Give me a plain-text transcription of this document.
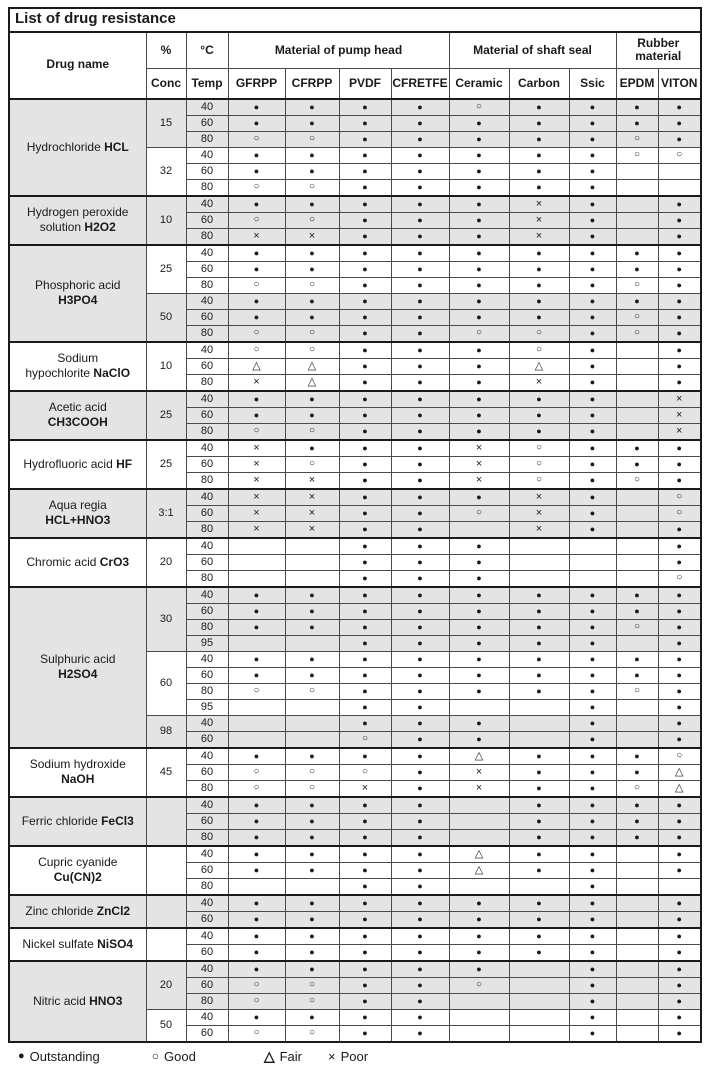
List of drug resistance											
Drug name	%	°C	Material of pump head				Material of shaft seal			Rubber material	
	Conc	Temp	GFRPP	CFRPP	PVDF	CFRETFE	Ceramic	Carbon	Ssic	EPDM	VITON
Hydrochloride HCL	15	40	●	●	●	●	○	●	●	●	●
		60	●	●	●	●	●	●	●	●	●
		80	○	○	●	●	●	●	●	○	●
	32	40	●	●	●	●	●	●	●	○	○
		60	●	●	●	●	●	●	●		
		80	○	○	●	●	●	●	●		
Hydrogen peroxide
solution H2O2	10	40	●	●	●	●	●	×	●		●
		60	○	○	●	●	●	×	●		●
		80	×	×	●	●	●	×	●		●
Phosphoric acid
H3PO4	25	40	●	●	●	●	●	●	●	●	●
		60	●	●	●	●	●	●	●	●	●
		80	○	○	●	●	●	●	●	○	●
	50	40	●	●	●	●	●	●	●	●	●
		60	●	●	●	●	●	●	●	○	●
		80	○	○	●	●	○	○	●	○	●
Sodium
hypochlorite NaClO	10	40	○	○	●	●	●	○	●		●
		60	△	△	●	●	●	△	●		●
		80	×	△	●	●	●	×	●		●
Acetic acid
CH3COOH	25	40	●	●	●	●	●	●	●		×
		60	●	●	●	●	●	●	●		×
		80	○	○	●	●	●	●	●		×
Hydrofluoric acid HF	25	40	×	●	●	●	×	○	●	●	●
		60	×	○	●	●	×	○	●	●	●
		80	×	×	●	●	×	○	●	○	●
Aqua regia
HCL+HNO3	3:1	40	×	×	●	●	●	×	●		○
		60	×	×	●	●	○	×	●		○
		80	×	×	●	●		×	●		●
Chromic acid CrO3	20	40			●	●	●				●
		60			●	●	●				●
		80			●	●	●				○
Sulphuric acid
H2SO4	30	40	●	●	●	●	●	●	●	●	●
		60	●	●	●	●	●	●	●	●	●
		80	●	●	●	●	●	●	●	○	●
		95			●	●	●	●	●		●
	60	40	●	●	●	●	●	●	●	●	●
		60	●	●	●	●	●	●	●	●	●
		80	○	○	●	●	●	●	●	○	●
		95			●	●			●		●
	98	40			●	●	●		●		●
		60			○	●	●		●		●
Sodium hydroxide
NaOH	45	40	●	●	●	●	△	●	●	●	○
		60	○	○	○	●	×	●	●	●	△
		80	○	○	×	●	×	●	●	○	△
Ferric chloride FeCl3		40	●	●	●	●		●	●	●	●
		60	●	●	●	●		●	●	●	●
		80	●	●	●	●		●	●	●	●
Cupric cyanide
Cu(CN)2		40	●	●	●	●	△	●	●		●
		60	●	●	●	●	△	●	●		●
		80			●	●			●		
Zinc chloride ZnCl2		40	●	●	●	●	●	●	●		●
		60	●	●	●	●	●	●	●		●
Nickel sulfate NiSO4		40	●	●	●	●	●	●	●		●
		60	●	●	●	●	●	●	●		●
Nitric acid HNO3	20	40	●	●	●	●	●		●		●
		60	○	○	●	●	○		●		●
		80	○	○	●	●			●		●
	50	40	●	●	●	●			●		●
		60	○	○	●	●			●		●
● Outstanding	○ Good	△ Fair × Poor
